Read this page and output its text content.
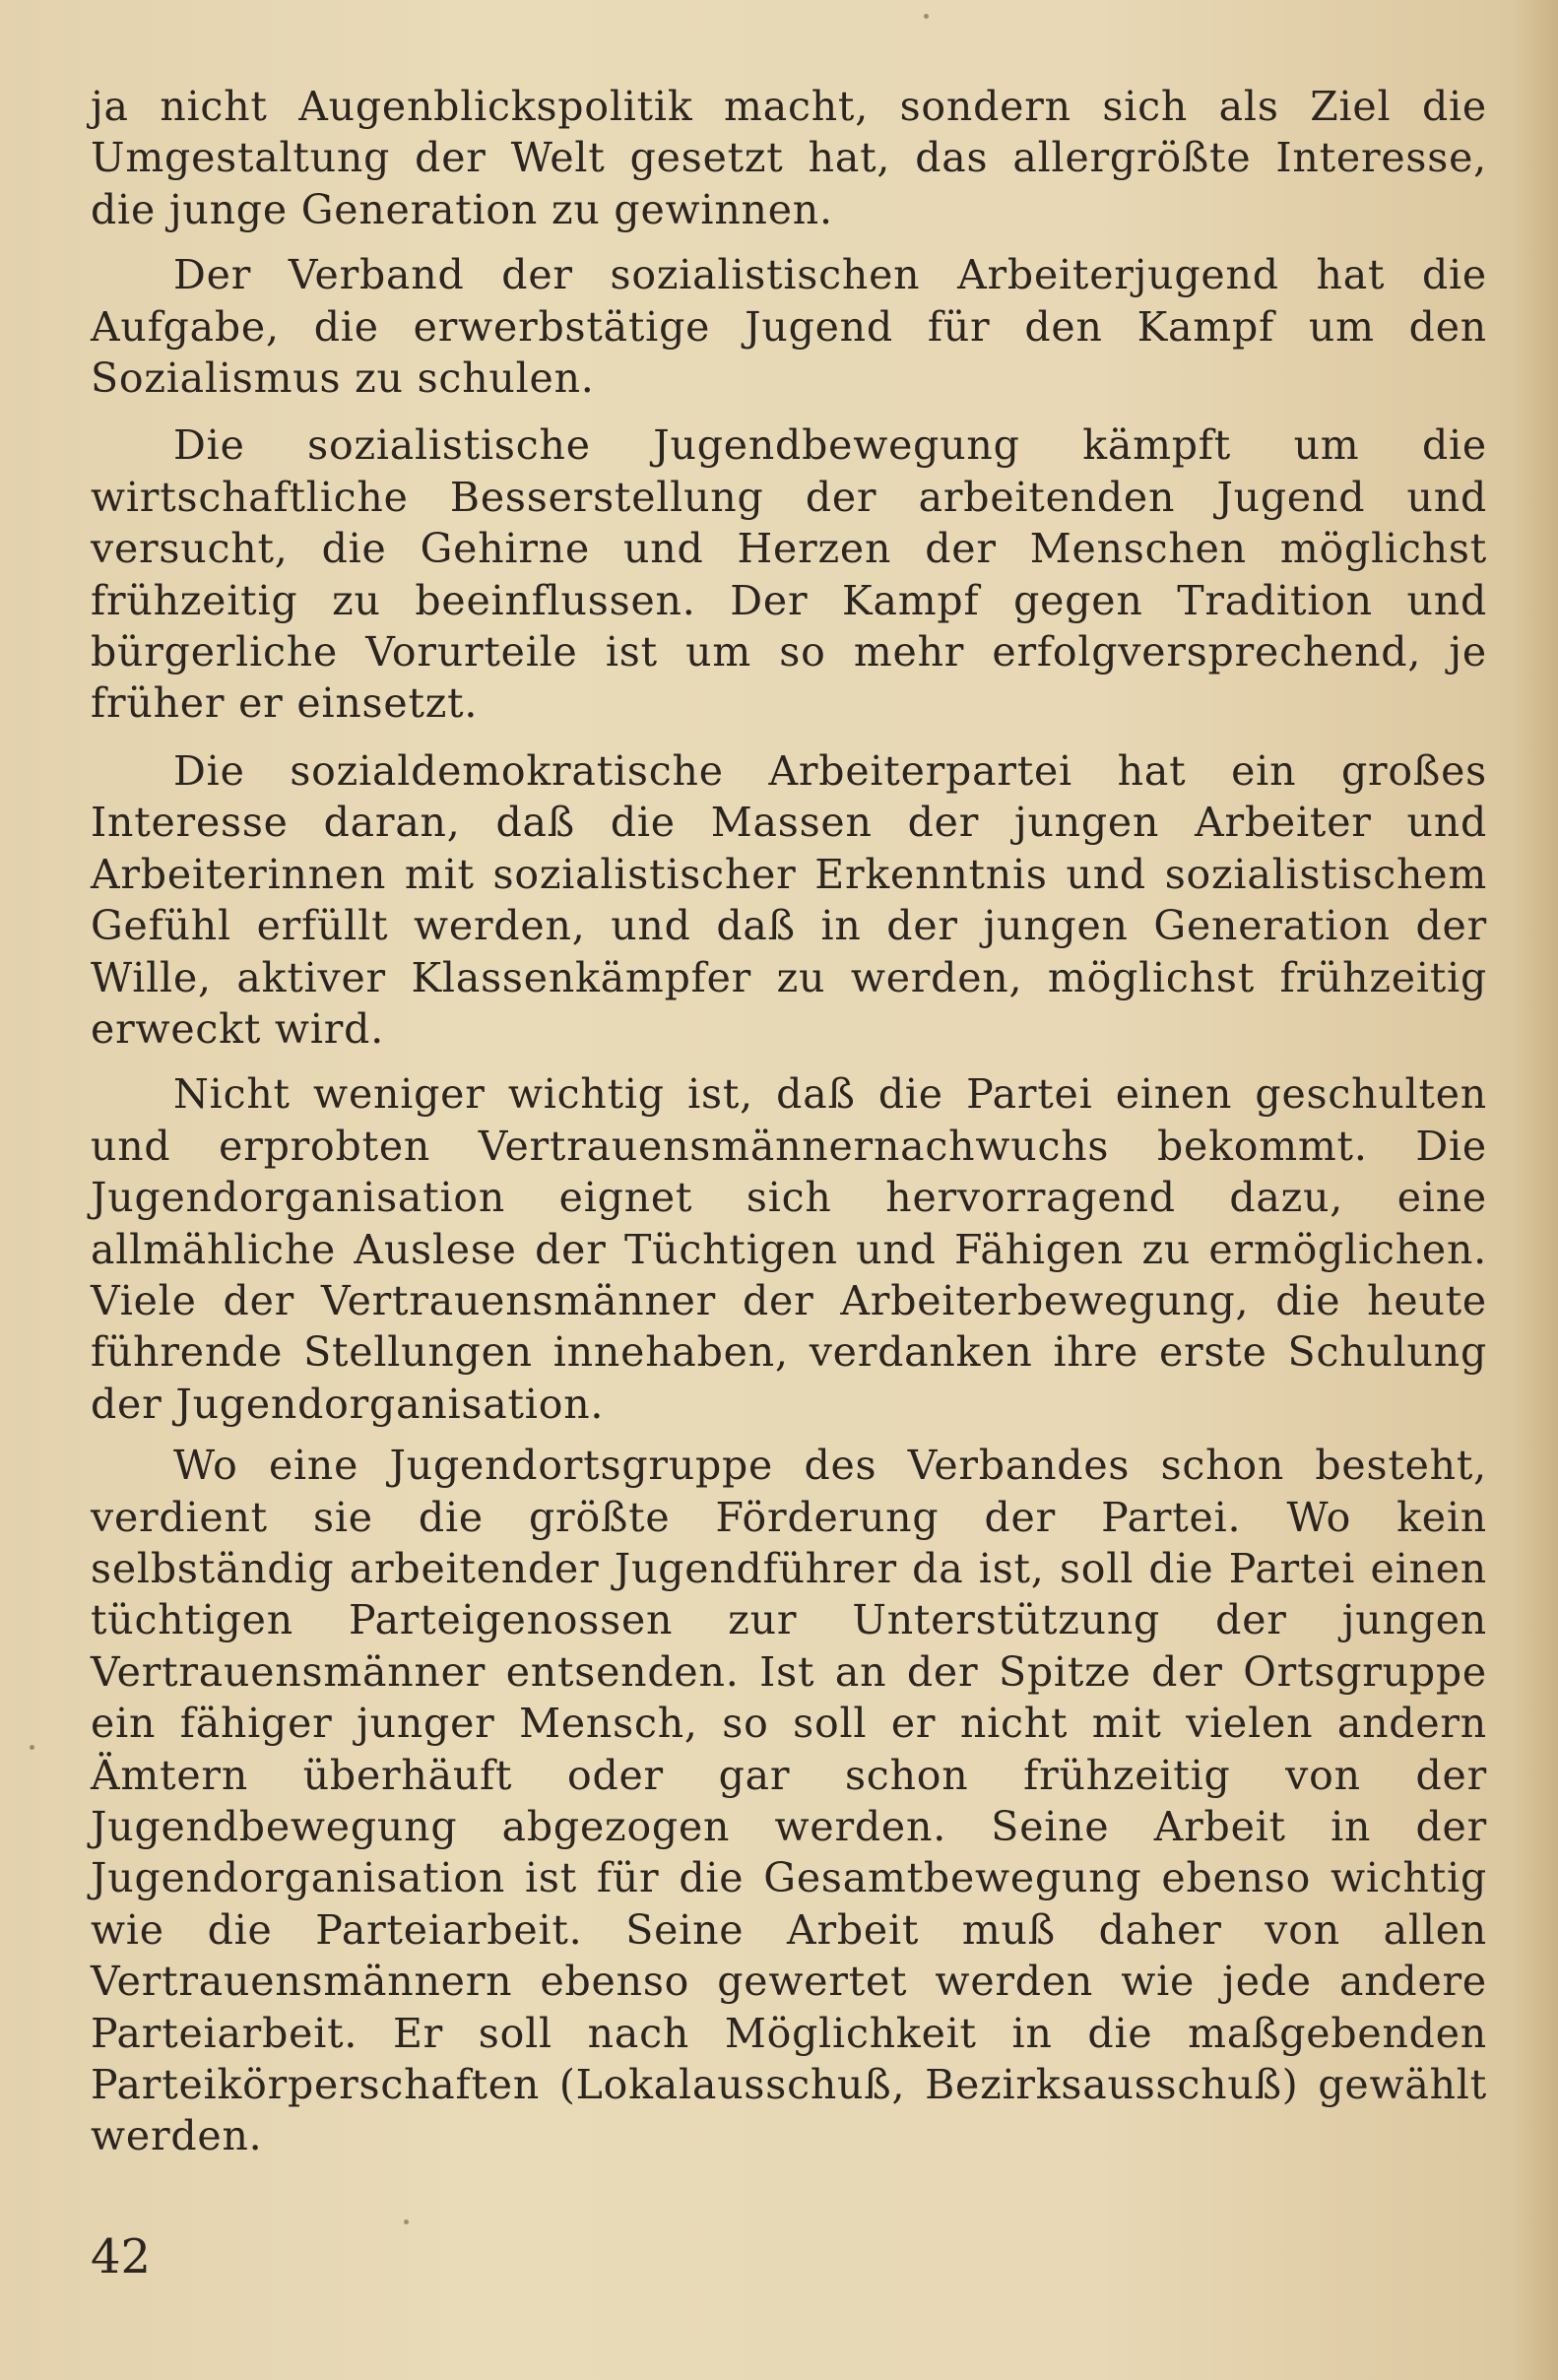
ja nicht Augenblickspolitik macht, sondern sich als Ziel die Umgestaltung der Welt gesetzt hat, das allergrößte Interesse, die junge Generation zu gewinnen.

Der Verband der sozialistischen Arbeiterjugend hat die Aufgabe, die erwerbstätige Jugend für den Kampf um den Sozialismus zu schulen.

Die sozialistische Jugendbewegung kämpft um die wirtschaftliche Besserstellung der arbeitenden Jugend und versucht, die Gehirne und Herzen der Menschen möglichst frühzeitig zu beeinflussen. Der Kampf gegen Tradition und bürgerliche Vorurteile ist um so mehr erfolgversprechend, je früher er einsetzt.

Die sozialdemokratische Arbeiterpartei hat ein großes Interesse daran, daß die Massen der jungen Arbeiter und Arbeiterinnen mit sozialistischer Erkenntnis und sozialistischem Gefühl erfüllt werden, und daß in der jungen Generation der Wille, aktiver Klassenkämpfer zu werden, möglichst frühzeitig erweckt wird.

Nicht weniger wichtig ist, daß die Partei einen geschulten und erprobten Vertrauensmännernachwuchs bekommt. Die Jugendorganisation eignet sich hervorragend dazu, eine allmähliche Auslese der Tüchtigen und Fähigen zu ermöglichen. Viele der Vertrauensmänner der Arbeiterbewegung, die heute führende Stellungen innehaben, verdanken ihre erste Schulung der Jugendorganisation.

Wo eine Jugendortsgruppe des Verbandes schon besteht, verdient sie die größte Förderung der Partei. Wo kein selbständig arbeitender Jugendführer da ist, soll die Partei einen tüchtigen Parteigenossen zur Unterstützung der jungen Vertrauensmänner entsenden. Ist an der Spitze der Ortsgruppe ein fähiger junger Mensch, so soll er nicht mit vielen andern Ämtern überhäuft oder gar schon frühzeitig von der Jugendbewegung abgezogen werden. Seine Arbeit in der Jugendorganisation ist für die Gesamtbewegung ebenso wichtig wie die Parteiarbeit. Seine Arbeit muß daher von allen Vertrauensmännern ebenso gewertet werden wie jede andere Parteiarbeit. Er soll nach Möglichkeit in die maßgebenden Parteikörperschaften (Lokalausschuß, Bezirksausschuß) gewählt werden.

42
